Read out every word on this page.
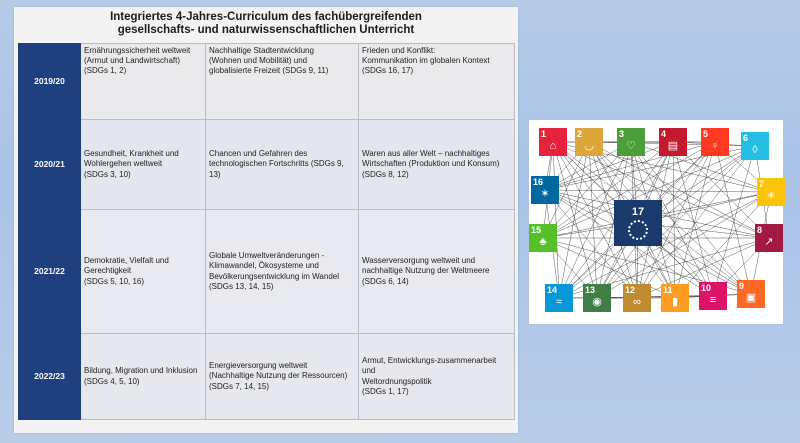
Integriertes 4-Jahres-Curriculum des fachübergreifenden
gesellschafts- und naturwissenschaftlichen Unterricht
2019/20	Ernährungssicherheit weltweit
(Armut und Landwirtschaft)
(SDGs 1, 2)	Nachhaltige Stadtentwicklung
(Wohnen und Mobilität) und
globalisierte Freizeit (SDGs 9, 11)	Frieden und Konflikt:
Kommunikation im globalen Kontext
(SDGs 16, 17)

2020/21	Gesundheit, Krankheit und
Wohlergehen weltweit
(SDGs 3, 10)	Chancen und Gefahren des
technologischen Fortschritts (SDGs 9,
13)	Waren aus aller Welt – nachhaltiges
Wirtschaften (Produktion und Konsum)
(SDGs 8, 12)

2021/22	Demokratie, Vielfalt und
Gerechtigkeit
(SDGs 5, 10, 16)	Globale Umweltveränderungen -
Klimawandel, Ökosysteme und
Bevölkerungsentwicklung im Wandel
(SDGs 13, 14, 15)	Wasserversorgung weltweit und
nachhaltige Nutzung der Weltmeere
(SDGs 6, 14)

2022/23	Bildung, Migration und Inklusion
(SDGs 4, 5, 10)	Energieversorgung weltweit
(Nachhaltige Nutzung der Ressourcen)
(SDGs 7, 14, 15)	Armut, Entwicklungs-zusammenarbeit und
Weltordnungspolitik
(SDGs 1, 17)
17
1
⌂
2
◡
3
♡
4
▤
5
♀
6
◊
7
☀
8
↗
9
▣
10
≡
11
▮
12
∞
13
◉
14
≈
15
♣
16
✶
